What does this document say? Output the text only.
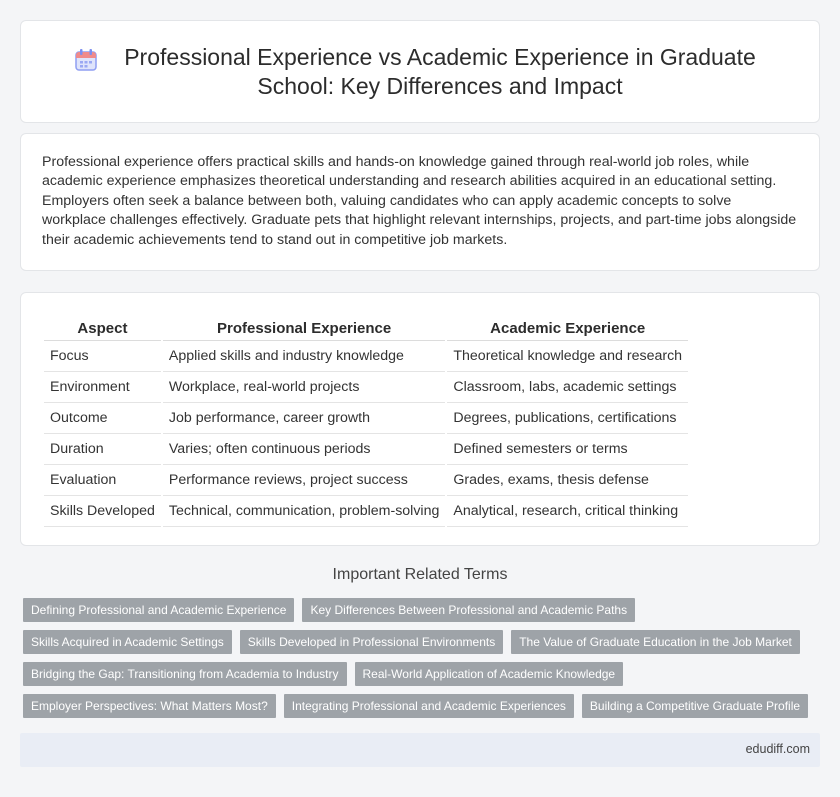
Professional Experience vs Academic Experience in Graduate School: Key Differences and Impact

Professional experience offers practical skills and hands-on knowledge gained through real-world job roles, while academic experience emphasizes theoretical understanding and research abilities acquired in an educational setting. Employers often seek a balance between both, valuing candidates who can apply academic concepts to solve workplace challenges effectively. Graduate pets that highlight relevant internships, projects, and part-time jobs alongside their academic achievements tend to stand out in competitive job markets.

Aspect	Professional Experience	Academic Experience
Focus	Applied skills and industry knowledge	Theoretical knowledge and research
Environment	Workplace, real-world projects	Classroom, labs, academic settings
Outcome	Job performance, career growth	Degrees, publications, certifications
Duration	Varies; often continuous periods	Defined semesters or terms
Evaluation	Performance reviews, project success	Grades, exams, thesis defense
Skills Developed	Technical, communication, problem-solving	Analytical, research, critical thinking
Important Related Terms
Defining Professional and Academic Experience	Key Differences Between Professional and Academic Paths
Skills Acquired in Academic Settings	Skills Developed in Professional Environments	The Value of Graduate Education in the Job Market
Bridging the Gap: Transitioning from Academia to Industry	Real-World Application of Academic Knowledge
Employer Perspectives: What Matters Most?	Integrating Professional and Academic Experiences	Building a Competitive Graduate Profile
edudiff.com
